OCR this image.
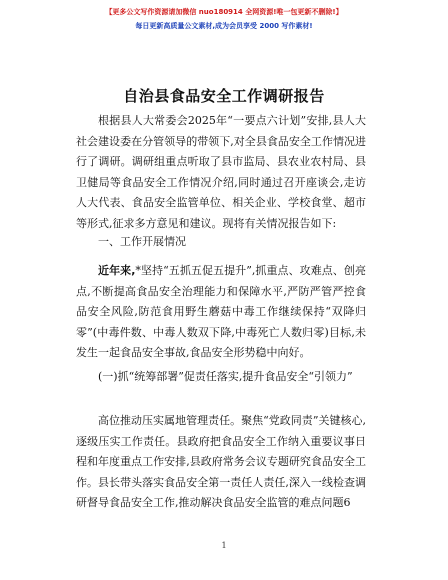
【更多公文写作资源请加微信 nuo180914 全网资源!唯一包更新不删除!】
每日更新高质量公文素材,成为会员享受 2000 写作素材!
自治县食品安全工作调研报告
根据县人大常委会2025年“一要点六计划”安排,县人大社会建设委在分管领导的带领下,对全县食品安全工作情况进行了调研。调研组重点听取了县市监局、县农业农村局、县卫健局等食品安全工作情况介绍,同时通过召开座谈会,走访人大代表、食品安全监管单位、相关企业、学校食堂、超市等形式,征求多方意见和建议。现将有关情况报告如下:
一、工作开展情况
近年来,*坚持“五抓五促五提升”,抓重点、攻难点、创亮点,不断提高食品安全治理能力和保障水平,严防严管严控食品安全风险,防范食用野生蘑菇中毒工作继续保持“双降归零”(中毒件数、中毒人数双下降,中毒死亡人数归零)目标,未发生一起食品安全事故,食品安全形势稳中向好。
(一)抓“统筹部署”促责任落实,提升食品安全“引领力”
高位推动压实属地管理责任。聚焦“党政同责”关键核心,逐级压实工作责任。县政府把食品安全工作纳入重要议事日程和年度重点工作安排,县政府常务会议专题研究食品安全工作。县长带头落实食品安全第一责任人责任,深入一线检查调研督导食品安全工作,推动解决食品安全监管的难点问题6
1
